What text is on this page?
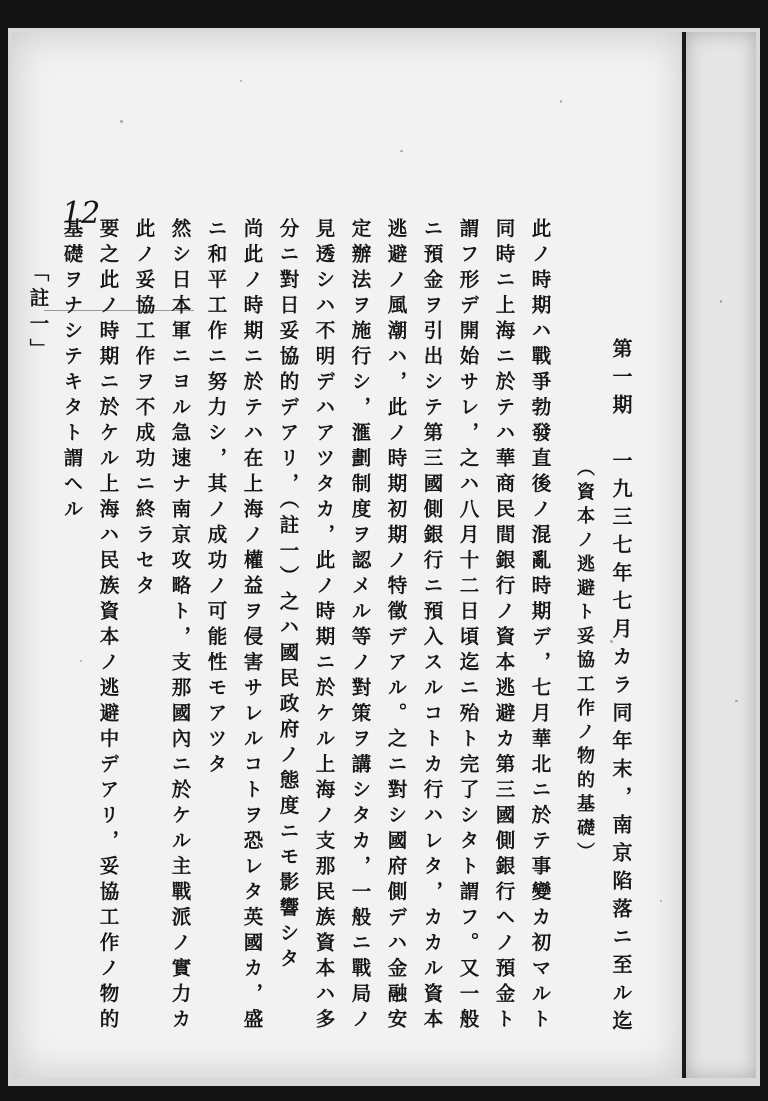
12
第一期　一九三七年七月カラ同年末，南京陷落ニ至ル迄
（資本ノ逃避ト妥協工作ノ物的基礎）
此ノ時期ハ戰爭勃發直後ノ混亂時期デ，七月華北ニ於テ事變カ初マルト
同時ニ上海ニ於テハ華商民間銀行ノ資本逃避カ第三國側銀行ヘノ預金ト
謂フ形デ開始サレ，之ハ八月十二日頃迄ニ殆ト完了シタト謂フ。又一般
ニ預金ヲ引出シテ第三國側銀行ニ預入スルコトカ行ハレタ，カカル資本
逃避ノ風潮ハ，此ノ時期初期ノ特徵デアル。之ニ對シ國府側デハ金融安
定辦法ヲ施行シ，滙劃制度ヲ認メル等ノ對策ヲ講シタカ，一般ニ戰局ノ
見透シハ不明デハアツタカ，此ノ時期ニ於ケル上海ノ支那民族資本ハ多
分ニ對日妥協的デアリ，（註一）之ハ國民政府ノ態度ニモ影響シタ
尚此ノ時期ニ於テハ在上海ノ權益ヲ侵害サレルコトヲ恐レタ英國カ，盛
ニ和平工作ニ努力シ，其ノ成功ノ可能性モアツタ
然シ日本軍ニヨル急速ナ南京攻略ト，支那國內ニ於ケル主戰派ノ實力カ
此ノ妥協工作ヲ不成功ニ終ラセタ
要之此ノ時期ニ於ケル上海ハ民族資本ノ逃避中デアリ，妥協工作ノ物的
基礎ヲナシテキタト謂ヘル
「註一」
